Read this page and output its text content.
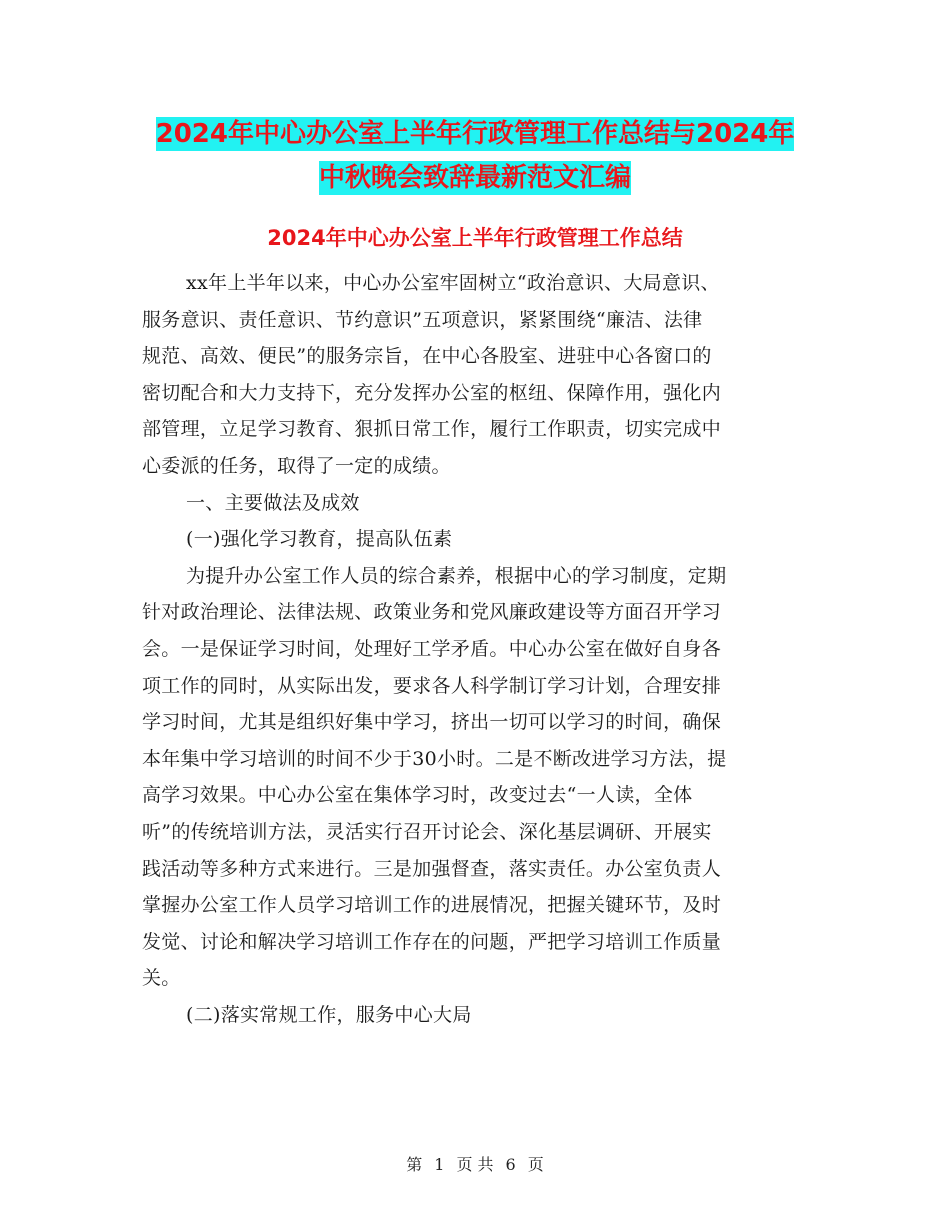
2024年中心办公室上半年行政管理工作总结与2024年
中秋晚会致辞最新范文汇编
2024年中心办公室上半年行政管理工作总结
xx年上半年以来，中心办公室牢固树立“政治意识、大局意识、
服务意识、责任意识、节约意识”五项意识，紧紧围绕“廉洁、法律
规范、高效、便民”的服务宗旨，在中心各股室、进驻中心各窗口的
密切配合和大力支持下，充分发挥办公室的枢纽、保障作用，强化内
部管理，立足学习教育、狠抓日常工作，履行工作职责，切实完成中
心委派的任务，取得了一定的成绩。
一、主要做法及成效
(一)强化学习教育，提高队伍素
为提升办公室工作人员的综合素养，根据中心的学习制度，定期
针对政治理论、法律法规、政策业务和党风廉政建设等方面召开学习
会。一是保证学习时间，处理好工学矛盾。中心办公室在做好自身各
项工作的同时，从实际出发，要求各人科学制订学习计划，合理安排
学习时间，尤其是组织好集中学习，挤出一切可以学习的时间，确保
本年集中学习培训的时间不少于30小时。二是不断改进学习方法，提
高学习效果。中心办公室在集体学习时，改变过去“一人读，全体
听”的传统培训方法，灵活实行召开讨论会、深化基层调研、开展实
践活动等多种方式来进行。三是加强督查，落实责任。办公室负责人
掌握办公室工作人员学习培训工作的进展情况，把握关键环节，及时
发觉、讨论和解决学习培训工作存在的问题，严把学习培训工作质量
关。
(二)落实常规工作，服务中心大局
第 1 页 共 6 页
